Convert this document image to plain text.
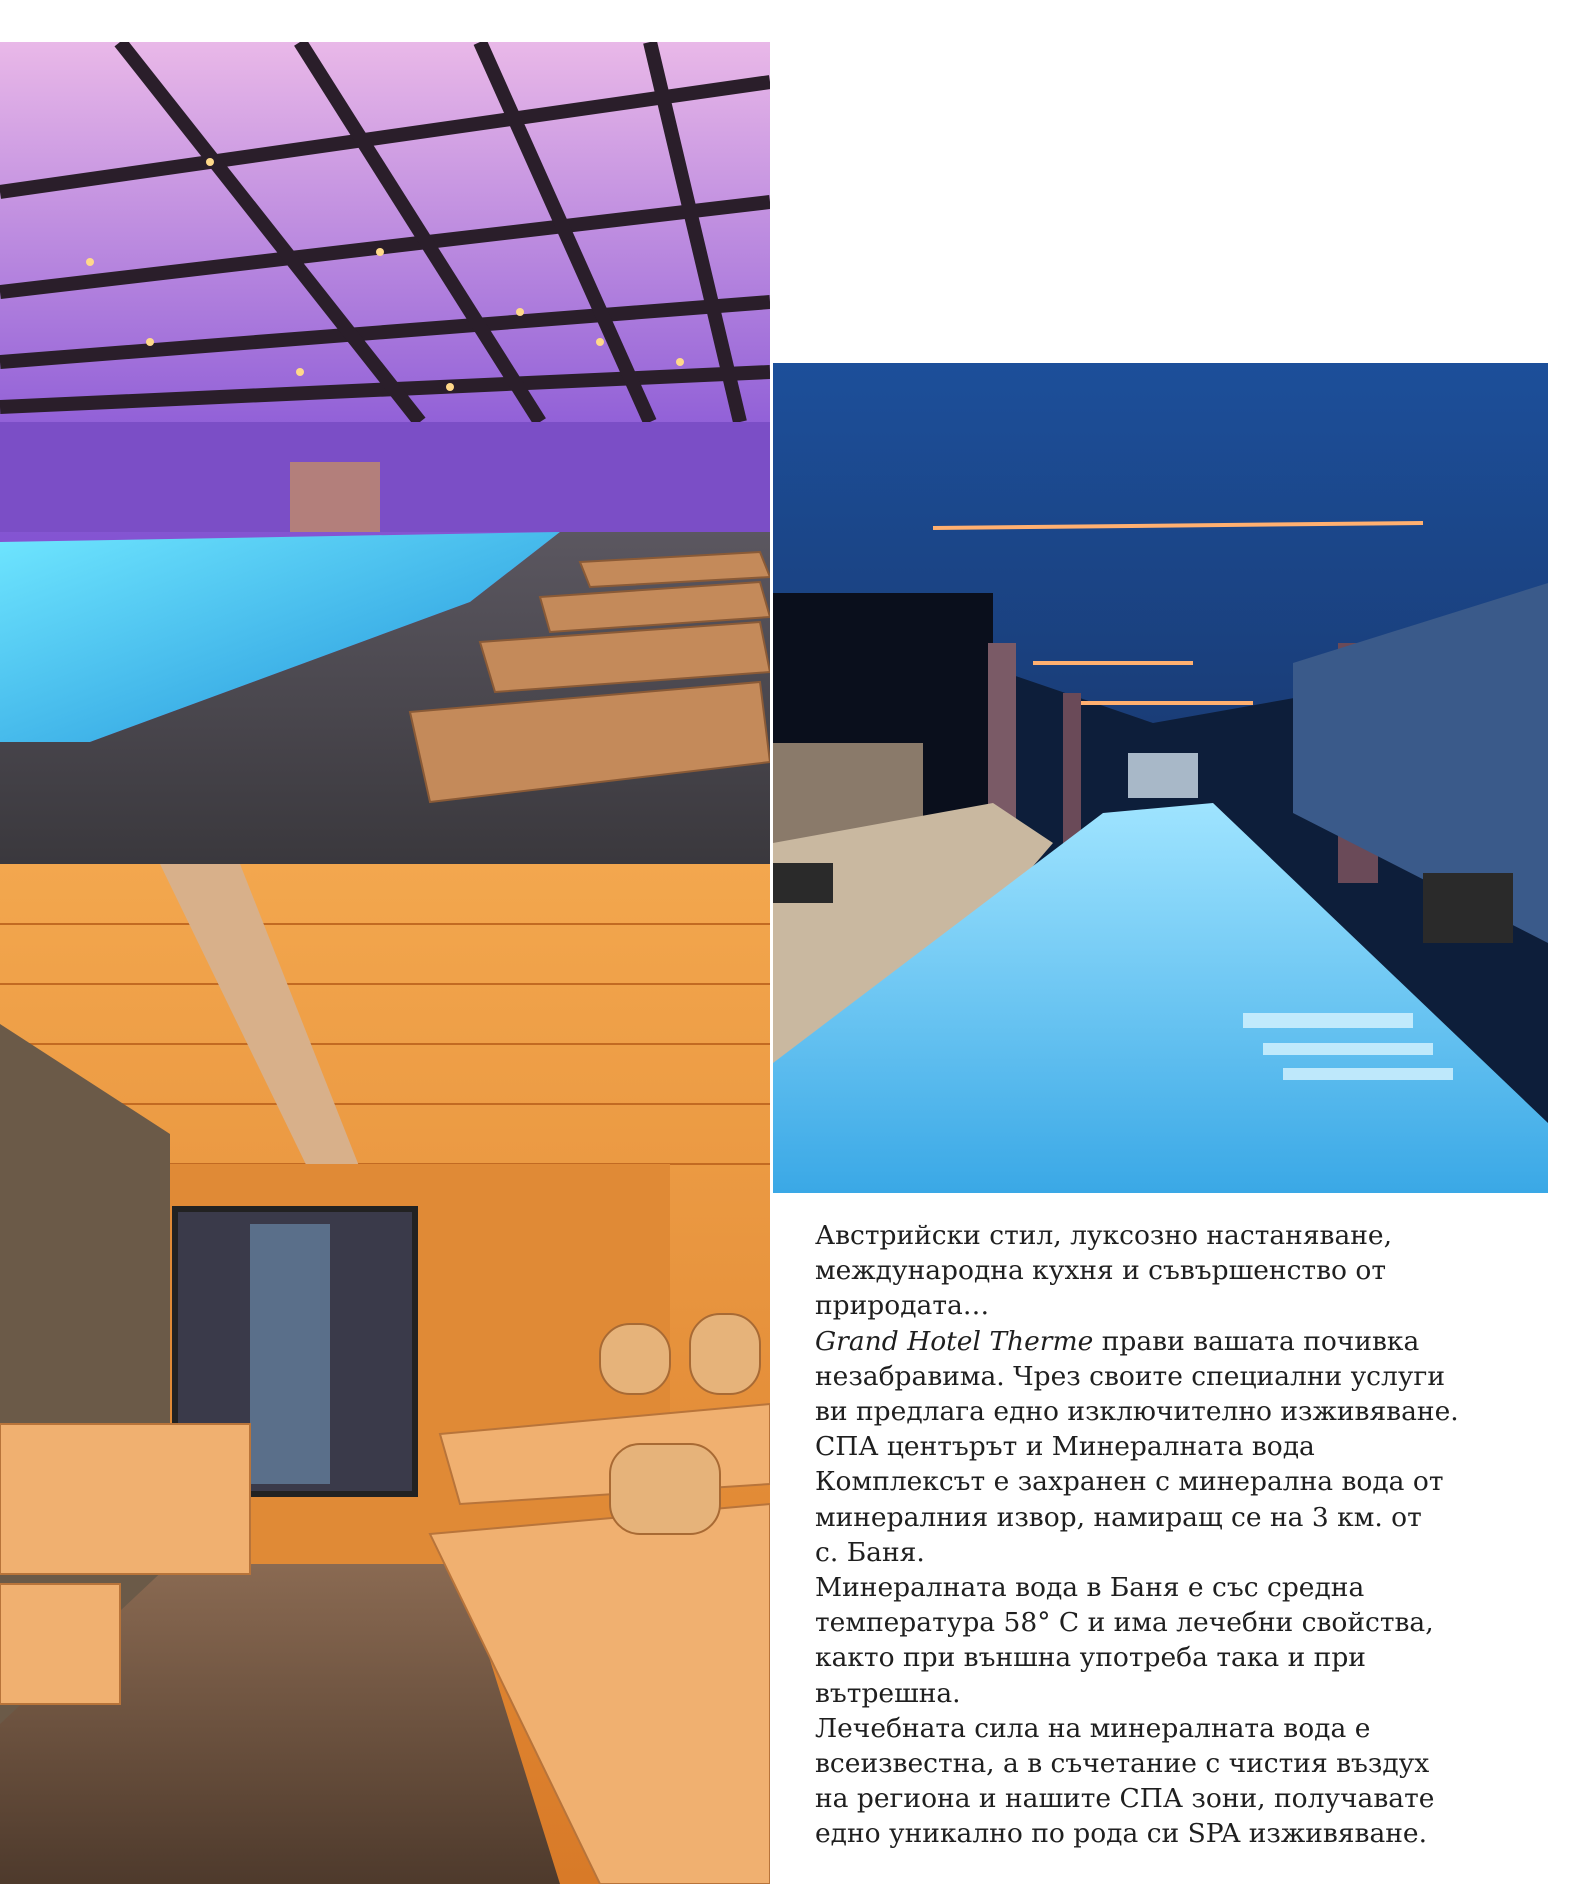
Австрийски стил, луксозно настаняване,
международна кухня и съвършенство от
природата…
Grand Hotel Therme прави вашата почивка
незабравима. Чрез своите специални услуги
ви предлага едно изключително изживяване.
СПА центърът и Минералната вода
Комплексът е захранен с минерална вода от
минералния извор, намиращ се на 3 км. от
с. Баня.
Минералната вода в Баня е със средна
температура 58° С и има лечебни свойства,
както при външна употреба така и при
вътрешна.
Лечебната сила на минералната вода е
всеизвестна, а в съчетание с чистия въздух
на региона и нашите СПА зони, получавате
едно уникално по рода си SPA изживяване.
